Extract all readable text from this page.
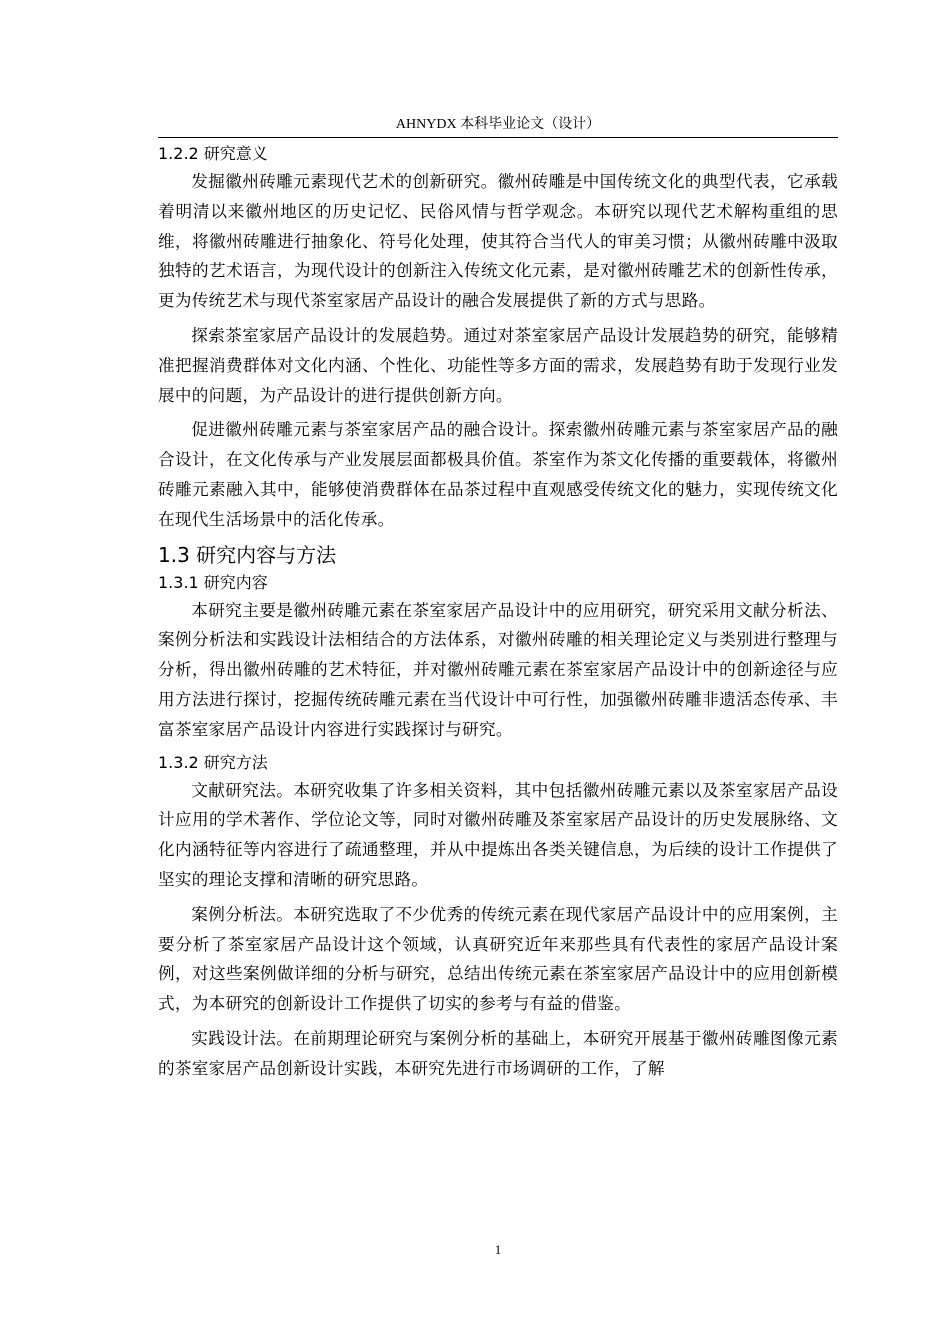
AHNYDX 本科毕业论文（设计）
1.2.2 研究意义

发掘徽州砖雕元素现代艺术的创新研究。徽州砖雕是中国传统文化的典型代表，它承载着明清以来徽州地区的历史记忆、民俗风情与哲学观念。本研究以现代艺术解构重组的思维，将徽州砖雕进行抽象化、符号化处理，使其符合当代人的审美习惯；从徽州砖雕中汲取独特的艺术语言，为现代设计的创新注入传统文化元素，是对徽州砖雕艺术的创新性传承，更为传统艺术与现代茶室家居产品设计的融合发展提供了新的方式与思路。

探索茶室家居产品设计的发展趋势。通过对茶室家居产品设计发展趋势的研究，能够精准把握消费群体对文化内涵、个性化、功能性等多方面的需求，发展趋势有助于发现行业发展中的问题，为产品设计的进行提供创新方向。

促进徽州砖雕元素与茶室家居产品的融合设计。探索徽州砖雕元素与茶室家居产品的融合设计，在文化传承与产业发展层面都极具价值。茶室作为茶文化传播的重要载体，将徽州砖雕元素融入其中，能够使消费群体在品茶过程中直观感受传统文化的魅力，实现传统文化在现代生活场景中的活化传承。

1.3 研究内容与方法
1.3.1 研究内容

本研究主要是徽州砖雕元素在茶室家居产品设计中的应用研究，研究采用文献分析法、案例分析法和实践设计法相结合的方法体系，对徽州砖雕的相关理论定义与类别进行整理与分析，得出徽州砖雕的艺术特征，并对徽州砖雕元素在茶室家居产品设计中的创新途径与应用方法进行探讨，挖掘传统砖雕元素在当代设计中可行性，加强徽州砖雕非遗活态传承、丰富茶室家居产品设计内容进行实践探讨与研究。

1.3.2 研究方法

文献研究法。本研究收集了许多相关资料，其中包括徽州砖雕元素以及茶室家居产品设计应用的学术著作、学位论文等，同时对徽州砖雕及茶室家居产品设计的历史发展脉络、文化内涵特征等内容进行了疏通整理，并从中提炼出各类关键信息，为后续的设计工作提供了坚实的理论支撑和清晰的研究思路。

案例分析法。本研究选取了不少优秀的传统元素在现代家居产品设计中的应用案例，主要分析了茶室家居产品设计这个领域，认真研究近年来那些具有代表性的家居产品设计案例，对这些案例做详细的分析与研究，总结出传统元素在茶室家居产品设计中的应用创新模式，为本研究的创新设计工作提供了切实的参考与有益的借鉴。

实践设计法。在前期理论研究与案例分析的基础上，本研究开展基于徽州砖雕图像元素的茶室家居产品创新设计实践，本研究先进行市场调研的工作，了解

1
